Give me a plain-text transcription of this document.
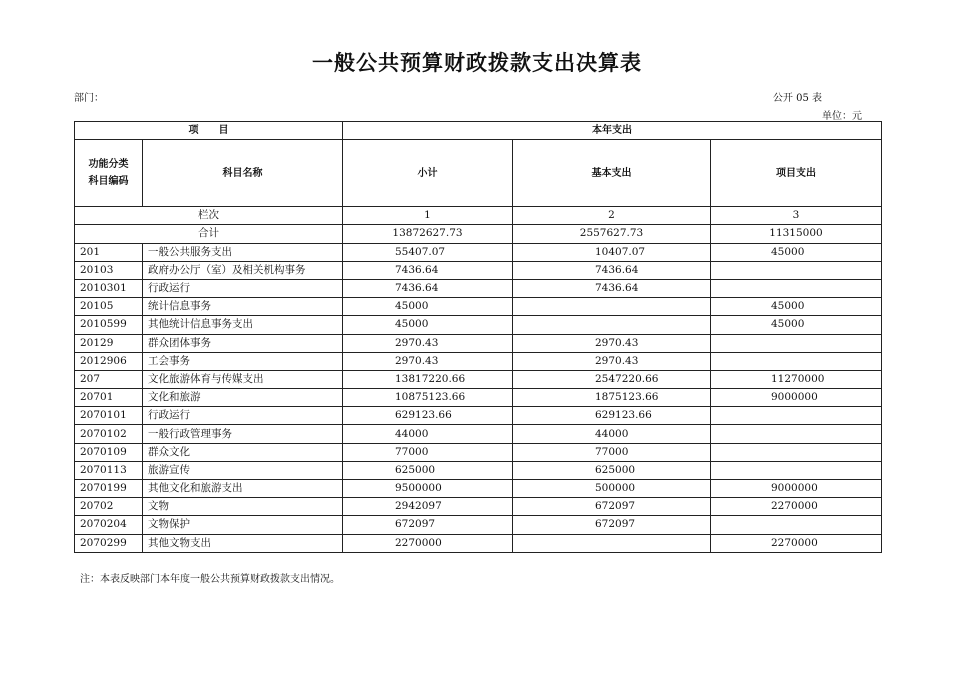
一般公共预算财政拨款支出决算表
部门：	公开 05 表
单位：元
项　　目		本年支出		

功能分类
科目编码	科目名称	小计	基本支出	项目支出
栏次		1	2	3
合计		13872627.73	2557627.73	11315000
201	一般公共服务支出	55407.07	10407.07	45000
20103	政府办公厅（室）及相关机构事务	7436.64	7436.64	
2010301	行政运行	7436.64	7436.64	
20105	统计信息事务	45000		45000
2010599	其他统计信息事务支出	45000		45000
20129	群众团体事务	2970.43	2970.43	
2012906	工会事务	2970.43	2970.43	
207	文化旅游体育与传媒支出	13817220.66	2547220.66	11270000
20701	文化和旅游	10875123.66	1875123.66	9000000
2070101	行政运行	629123.66	629123.66	
2070102	一般行政管理事务	44000	44000	
2070109	群众文化	77000	77000	
2070113	旅游宣传	625000	625000	
2070199	其他文化和旅游支出	9500000	500000	9000000
20702	文物	2942097	672097	2270000
2070204	文物保护	672097	672097	
2070299	其他文物支出	2270000		2270000
注：本表反映部门本年度一般公共预算财政拨款支出情况。
